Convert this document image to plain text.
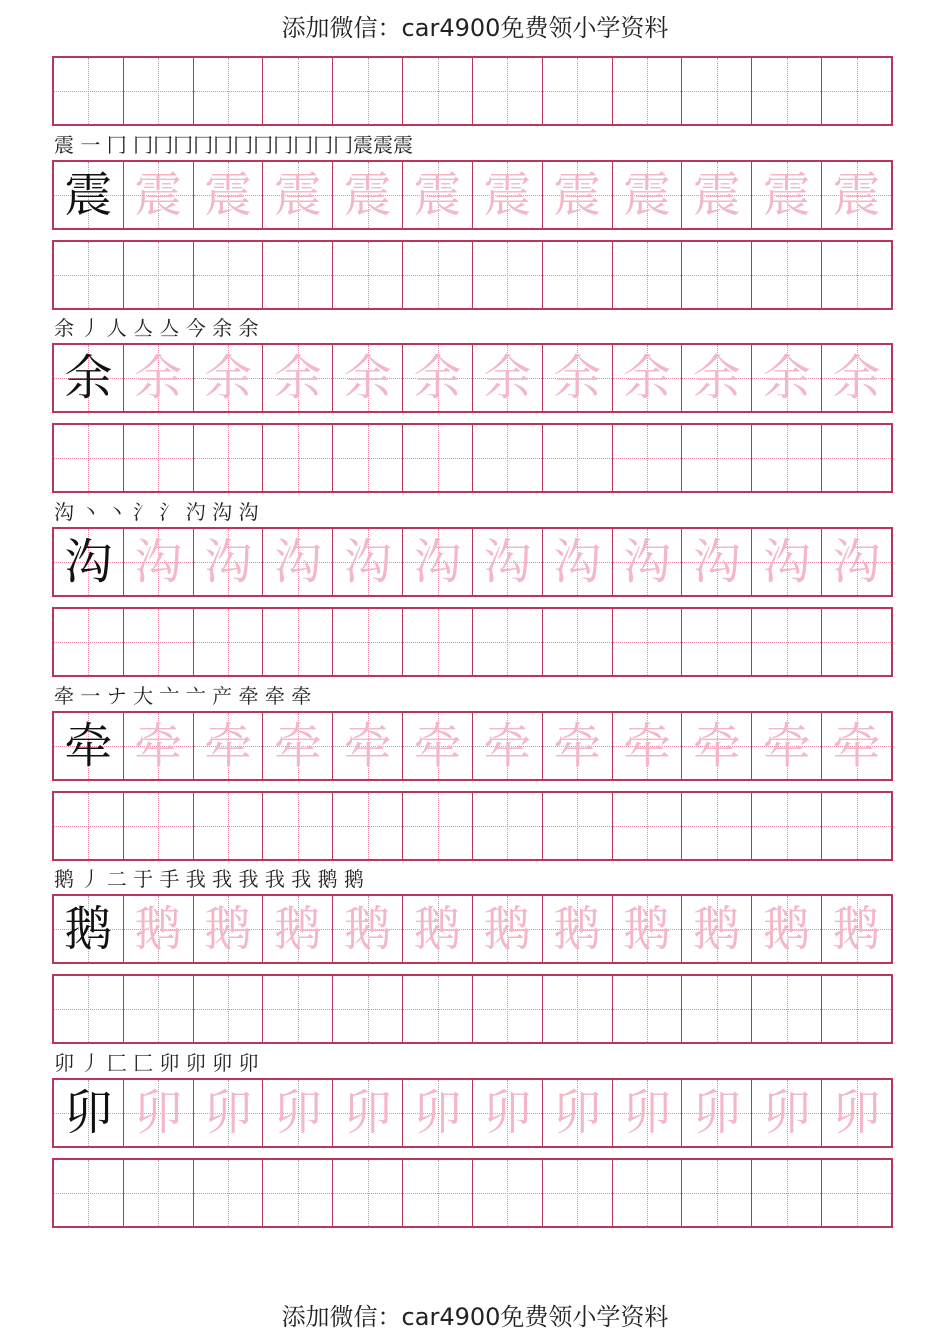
添加微信：car4900免费领小学资料
震 ⼀ ⼌ ⼌⼌⼌⼌⼌⼌⼌⼌⼌⼌⼌震震震
震 震 震 震 震 震 震 震 震 震 震 震
余 丿 人 亼 亼 今 余 余
余 余 余 余 余 余 余 余 余 余 余 余
沟 丶 丶 氵 氵 汋 沟 沟
沟 沟 沟 沟 沟 沟 沟 沟 沟 沟 沟 沟
牵 一 ナ 大 亠 亠 产 牵 牵 牵
牵 牵 牵 牵 牵 牵 牵 牵 牵 牵 牵 牵
鹅 丿 二 于 手 我 我 我 我 我 鹅 鹅
鹅 鹅 鹅 鹅 鹅 鹅 鹅 鹅 鹅 鹅 鹅 鹅
卯 丿 ⼕ ⼕ 卯 卯 卯 卯
卯 卯 卯 卯 卯 卯 卯 卯 卯 卯 卯 卯
添加微信：car4900免费领小学资料
